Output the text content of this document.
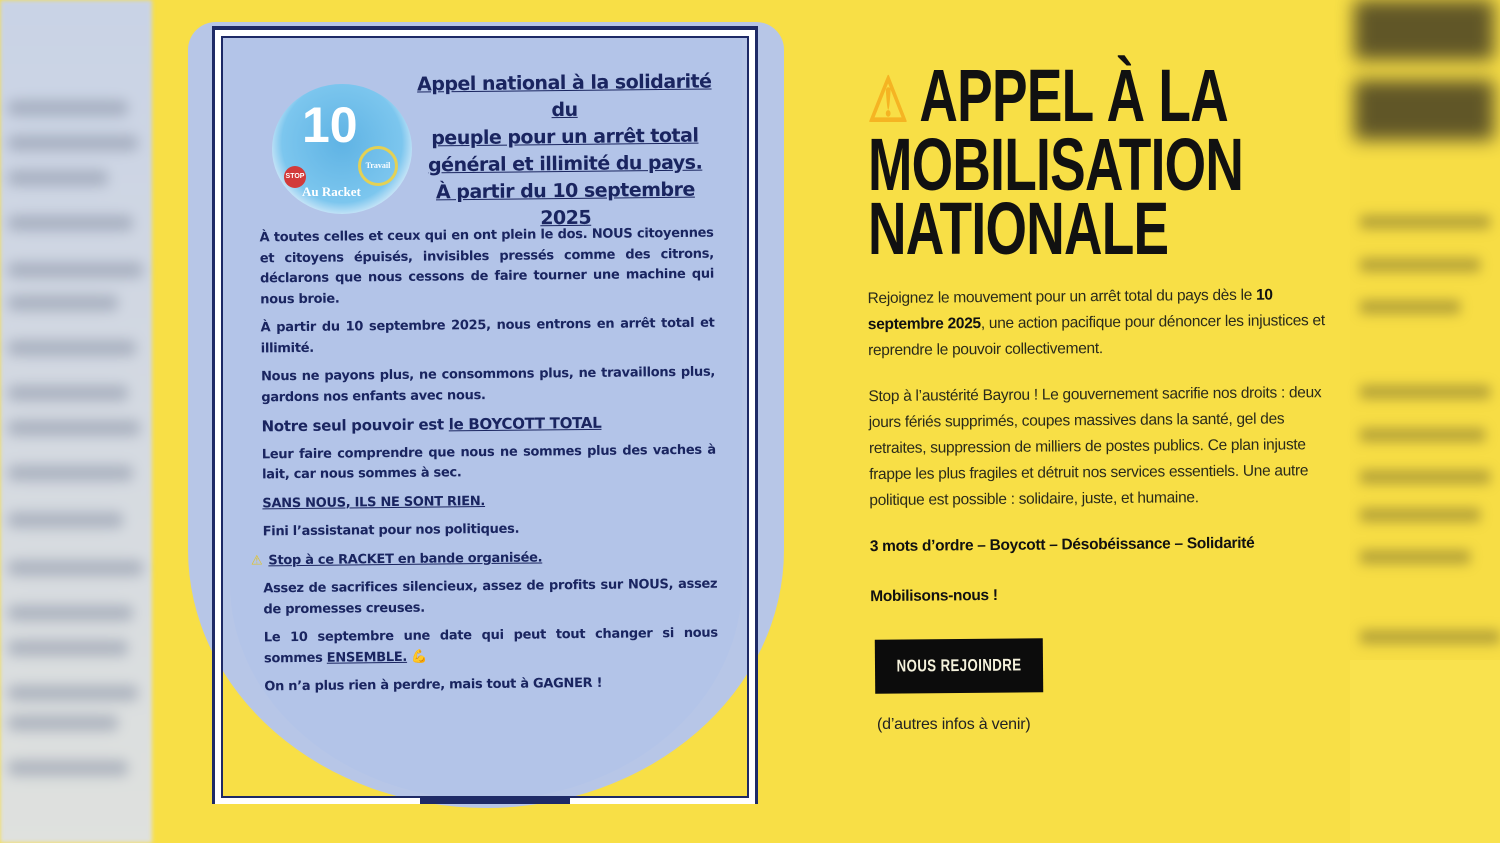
10
STOP
Travail
Au Racket
Appel national à la solidarité du
peuple pour un arrêt total
général et illimité du pays.
À partir du 10 septembre 2025

À toutes celles et ceux qui en ont plein le dos. NOUS citoyennes et citoyens épuisés, invisibles pressés comme des citrons, déclarons que nous cessons de faire tourner une machine qui nous broie.

À partir du 10 septembre 2025, nous entrons en arrêt total et illimité.

Nous ne payons plus, ne consommons plus, ne travaillons plus, gardons nos enfants avec nous.

Notre seul pouvoir est le BOYCOTT TOTAL

Leur faire comprendre que nous ne sommes plus des vaches à lait, car nous sommes à sec.

SANS NOUS, ILS NE SONT RIEN.

Fini l’assistanat pour nos politiques.

⚠ Stop à ce RACKET en bande organisée.

Assez de sacrifices silencieux, assez de profits sur NOUS, assez de promesses creuses.

Le 10 septembre une date qui peut tout changer si nous sommes ENSEMBLE. 💪

On n’a plus rien à perdre, mais tout à GAGNER !

⚠ APPEL À LA
MOBILISATION
NATIONALE

Rejoignez le mouvement pour un arrêt total du pays dès le 10 septembre 2025, une action pacifique pour dénoncer les injustices et reprendre le pouvoir collectivement.

Stop à l’austérité Bayrou ! Le gouvernement sacrifie nos droits : deux jours fériés supprimés, coupes massives dans la santé, gel des retraites, suppression de milliers de postes publics. Ce plan injuste frappe les plus fragiles et détruit nos services essentiels. Une autre politique est possible : solidaire, juste, et humaine.

3 mots d’ordre – Boycott – Désobéissance – Solidarité

Mobilisons-nous !

NOUS REJOINDRE
(d’autres infos à venir)
